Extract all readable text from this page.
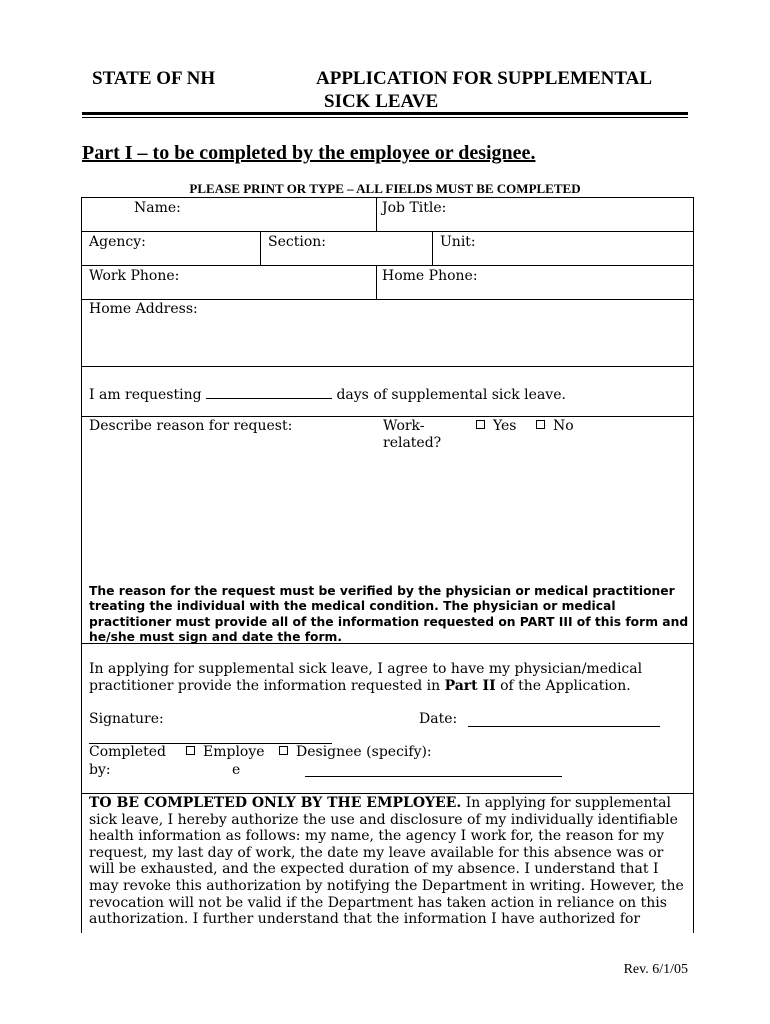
STATE OF NH	APPLICATION FOR SUPPLEMENTAL
SICK LEAVE
Part I – to be completed by the employee or designee.
PLEASE PRINT OR TYPE – ALL FIELDS MUST BE COMPLETED
Name:	Job Title:
Agency:	Section:	Unit:
Work Phone:	Home Phone:
Home Address:
I am requesting	days of supplemental sick leave.
Describe reason for request:	Work-
related?
Yes	No
The reason for the request must be verified by the physician or medical practitioner treating the individual with the medical condition. The physician or medical practitioner must provide all of the information requested on PART III of this form and he/she must sign and date the form.
In applying for supplemental sick leave, I agree to have my physician/medical practitioner provide the information requested in Part II of the Application.
Signature:	Date:
Completed
by:
Employe
e
Designee (specify):
TO BE COMPLETED ONLY BY THE EMPLOYEE. In applying for supplemental sick leave, I hereby authorize the use and disclosure of my individually identifiable health information as follows: my name, the agency I work for, the reason for my request, my last day of work, the date my leave available for this absence was or will be exhausted, and the expected duration of my absence. I understand that I may revoke this authorization by notifying the Department in writing. However, the revocation will not be valid if the Department has taken action in reliance on this authorization. I further understand that the information I have authorized for
Rev. 6/1/05
